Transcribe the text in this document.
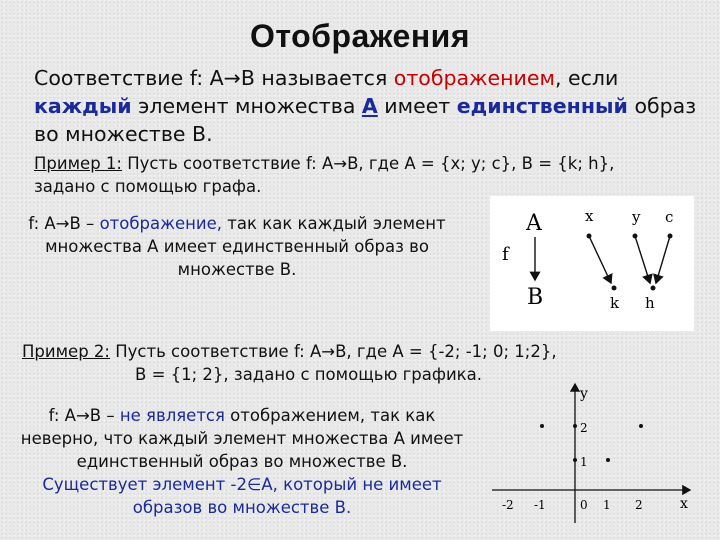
Отображения
Соответствие f: A→B называется отображением, если каждый элемент множества A имеет единственный образ во множестве B.
Пример 1: Пусть соответствие f: A→B, где A = {x; y; c}, B = {k; h},
задано с помощью графа.
f: A→B – отображение, так как каждый элемент множества A имеет единственный образ во множестве B.
A
f
B
x	y c
k h
Пример 2: Пусть соответствие f: A→B, где A = {-2; -1; 0; 1;2},

B = {1; 2}, задано с помощью графика.
f: A→B – не является отображением, так как неверно, что каждый элемент множества A имеет единственный образ во множестве B.
Существует элемент -2∈A, который не имеет образов во множестве B.	x
y
-2 -1	0 1 2
2
1
